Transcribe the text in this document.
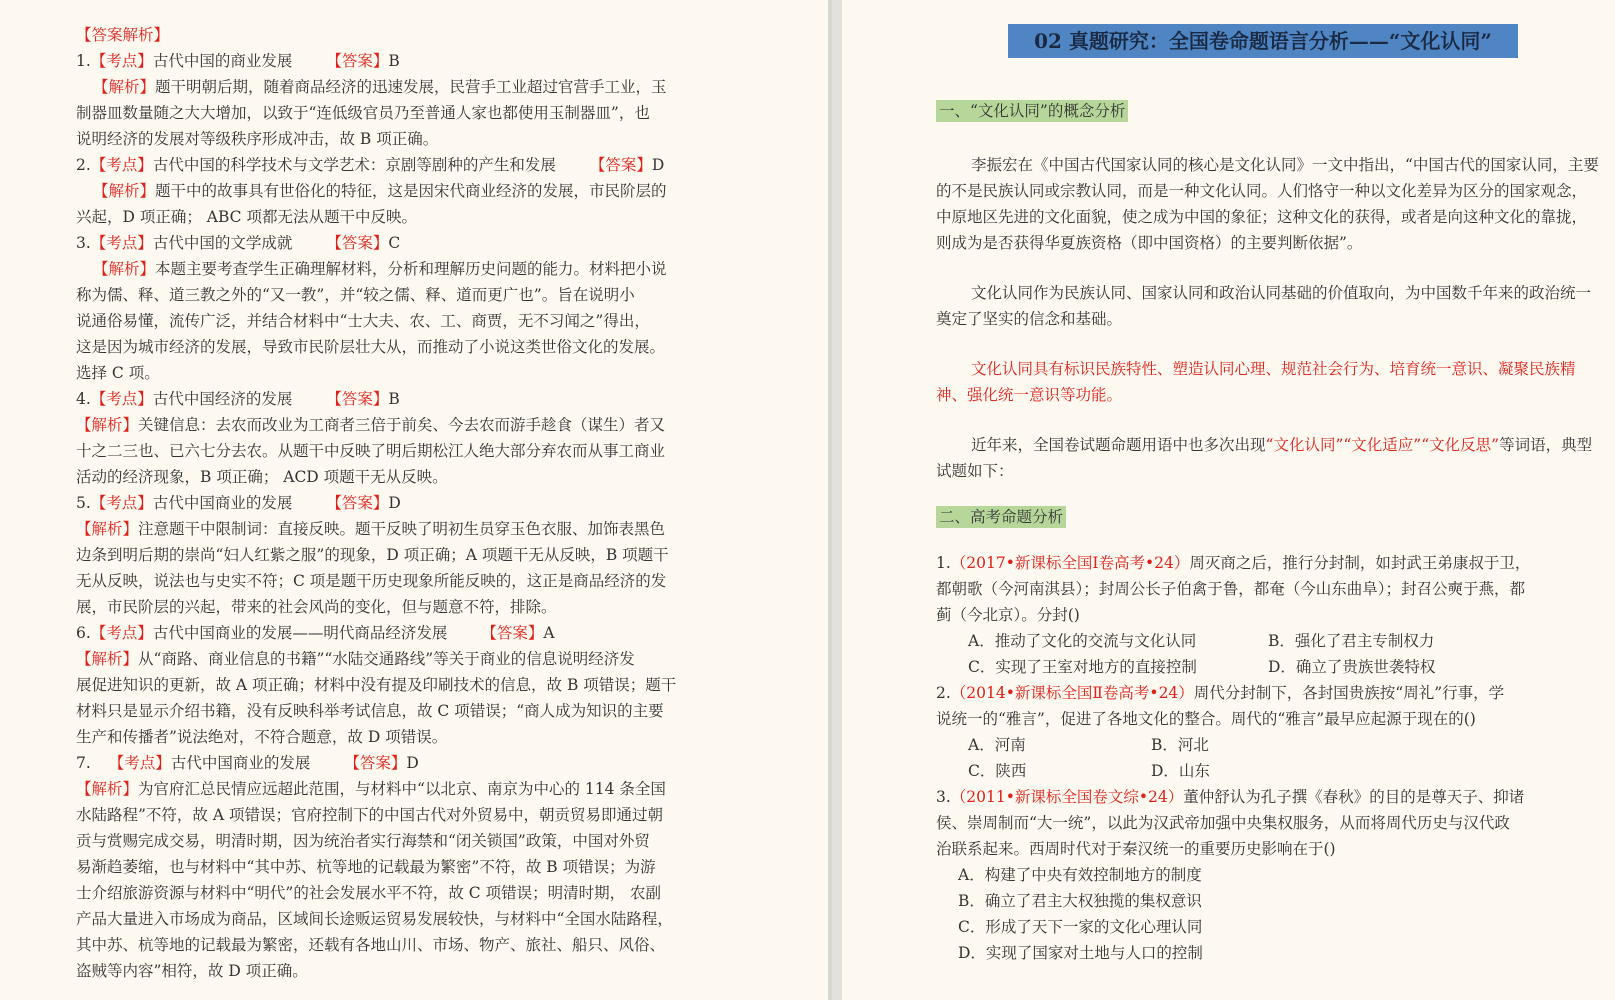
【答案解析】
1.【考点】古代中国的商业发展 【答案】B
【解析】题干明朝后期，随着商品经济的迅速发展，民营手工业超过官营手工业，玉
制器皿数量随之大大增加，以致于“连低级官员乃至普通人家也都使用玉制器皿”，也
说明经济的发展对等级秩序形成冲击，故 B 项正确。
2.【考点】古代中国的科学技术与文学艺术：京剧等剧种的产生和发展 【答案】D
【解析】题干中的故事具有世俗化的特征，这是因宋代商业经济的发展，市民阶层的
兴起，D 项正确； ABC 项都无法从题干中反映。
3.【考点】古代中国的文学成就 【答案】C
【解析】本题主要考查学生正确理解材料，分析和理解历史问题的能力。材料把小说
称为儒、释、道三教之外的“又一教”，并“较之儒、释、道而更广也”。旨在说明小
说通俗易懂，流传广泛，并结合材料中“士大夫、农、工、商贾，无不习闻之”得出，
这是因为城市经济的发展，导致市民阶层壮大从，而推动了小说这类世俗文化的发展。
选择 C 项。
4.【考点】古代中国经济的发展 【答案】B
【解析】关键信息：去农而改业为工商者三倍于前矣、今去农而游手趁食（谋生）者又
十之二三也、已六七分去农。从题干中反映了明后期松江人绝大部分弃农而从事工商业
活动的经济现象，B 项正确； ACD 项题干无从反映。
5.【考点】古代中国商业的发展 【答案】D
【解析】注意题干中限制词：直接反映。题干反映了明初生员穿玉色衣服、加饰表黑色
边条到明后期的崇尚“妇人红紫之服”的现象，D 项正确；A 项题干无从反映，B 项题干
无从反映，说法也与史实不符；C 项是题干历史现象所能反映的，这正是商品经济的发
展，市民阶层的兴起，带来的社会风尚的变化，但与题意不符，排除。
6.【考点】古代中国商业的发展——明代商品经济发展 【答案】A
【解析】从“商路、商业信息的书籍”“水陆交通路线”等关于商业的信息说明经济发
展促进知识的更新，故 A 项正确；材料中没有提及印刷技术的信息，故 B 项错误；题干
材料只是显示介绍书籍，没有反映科举考试信息，故 C 项错误；“商人成为知识的主要
生产和传播者”说法绝对，不符合题意，故 D 项错误。
7. 【考点】古代中国商业的发展 【答案】D
【解析】为官府汇总民情应远超此范围，与材料中“以北京、南京为中心的 114 条全国
水陆路程”不符，故 A 项错误；官府控制下的中国古代对外贸易中，朝贡贸易即通过朝
贡与赏赐完成交易，明清时期，因为统治者实行海禁和“闭关锁国”政策，中国对外贸
易渐趋萎缩，也与材料中“其中苏、杭等地的记载最为繁密”不符，故 B 项错误；为游
士介绍旅游资源与材料中“明代”的社会发展水平不符，故 C 项错误；明清时期， 农副
产品大量进入市场成为商品，区域间长途贩运贸易发展较快，与材料中“全国水陆路程，
其中苏、杭等地的记载最为繁密，还载有各地山川、市场、物产、旅社、船只、风俗、
盗贼等内容”相符，故 D 项正确。
一、“文化认同”的概念分析
李振宏在《中国古代国家认同的核心是文化认同》一文中指出，“中国古代的国家认同，主要的不是民族认同或宗教认同，而是一种文化认同。人们恪守一种以文化差异为区分的国家观念，中原地区先进的文化面貌，使之成为中国的象征；这种文化的获得，或者是向这种文化的靠拢，则成为是否获得华夏族资格（即中国资格）的主要判断依据”。
文化认同作为民族认同、国家认同和政治认同基础的价值取向，为中国数千年来的政治统一奠定了坚实的信念和基础。
文化认同具有标识民族特性、塑造认同心理、规范社会行为、培育统一意识、凝聚民族精神、强化统一意识等功能。
近年来，全国卷试题命题用语中也多次出现“文化认同”“文化适应”“文化反思”等词语，典型试题如下：
二、高考命题分析
1.（2017•新课标全国Ⅰ卷高考•24）周灭商之后，推行分封制，如封武王弟康叔于卫，
都朝歌（今河南淇县）；封周公长子伯禽于鲁，都奄（今山东曲阜）；封召公奭于燕，都
蓟（今北京）。分封()
A．推动了文化的交流与文化认同	B．强化了君主专制权力
C．实现了王室对地方的直接控制	D．确立了贵族世袭特权
2.（2014•新课标全国Ⅱ卷高考•24）周代分封制下，各封国贵族按“周礼”行事，学
说统一的“雅言”，促进了各地文化的整合。周代的“雅言”最早应起源于现在的()
A．河南	B．河北
C．陕西	D．山东
3.（2011•新课标全国卷文综•24）董仲舒认为孔子撰《春秋》的目的是尊天子、抑诸
侯、崇周制而“大一统”，以此为汉武帝加强中央集权服务，从而将周代历史与汉代政
治联系起来。西周时代对于秦汉统一的重要历史影响在于()
A．构建了中央有效控制地方的制度
B．确立了君主大权独揽的集权意识
C．形成了天下一家的文化心理认同
D．实现了国家对土地与人口的控制
02 真题研究：全国卷命题语言分析——“文化认同”
